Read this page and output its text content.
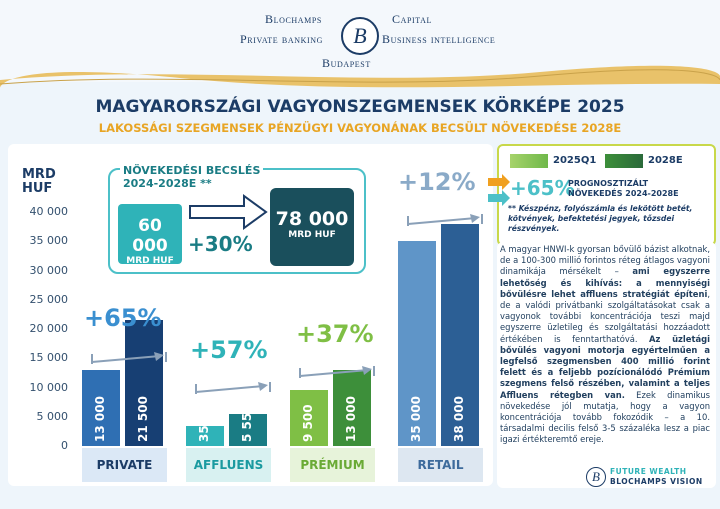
Blochamps
Private banking
Capital
Business intelligence
Budapest
B
MAGYARORSZÁGI VAGYONSZEGMENSEK KÖRKÉPE 2025
LAKOSSÁGI SZEGMENSEK PÉNZÜGYI VAGYONÁNAK BECSÜLT NÖVEKEDÉSE 2028E
MRD
HUF
0
5 000
10 000
15 000
20 000
25 000
30 000
35 000
40 000
13 000 21 500	3500 5 550	9 500 13 000	35 000 38 000
PRIVATE	AFFLUENS	PRÉMIUM	RETAIL
+65%
+57%
+37%
+12%
NÖVEKEDÉSI BECSLÉS
2024-2028E **
60 000
MRD HUF
+30%
78 000
MRD HUF
2025Q1	2028E
+65%
PROGNOSZTIZÁLT
NÖVEKEDÉS 2024-2028E
** Készpénz, folyószámla és lekötött betét, kötvények, befektetési jegyek, tőzsdei részvények.
A magyar HNWI-k gyorsan bővülő bázist alkotnak, de a 100-300 millió forintos réteg átlagos vagyoni dinamikája mérsékelt – ami egyszerre lehetőség és kihívás: a mennyiségi bővülésre lehet affluens stratégiát építeni, de a valódi privátbanki szolgáltatásokat csak a vagyonok további koncentrációja teszi majd egyszerre üzletileg és szolgáltatási hozzáadott értékében is fenntarthatóvá. Az üzletági bővülés vagyoni motorja egyértelműen a legfelső szegmensben 400 millió forint felett és a feljebb pozícionálódó Prémium szegmens felső részében, valamint a teljes Affluens rétegben van. Ezek dinamikus növekedése jól mutatja, hogy a vagyon koncentrációja tovább fokozódik – a 10. társadalmi decilis felső 3-5 százaléka lesz a piac igazi értékteremtő ereje.
B	FUTURE WEALTH
BLOCHAMPS VISION
